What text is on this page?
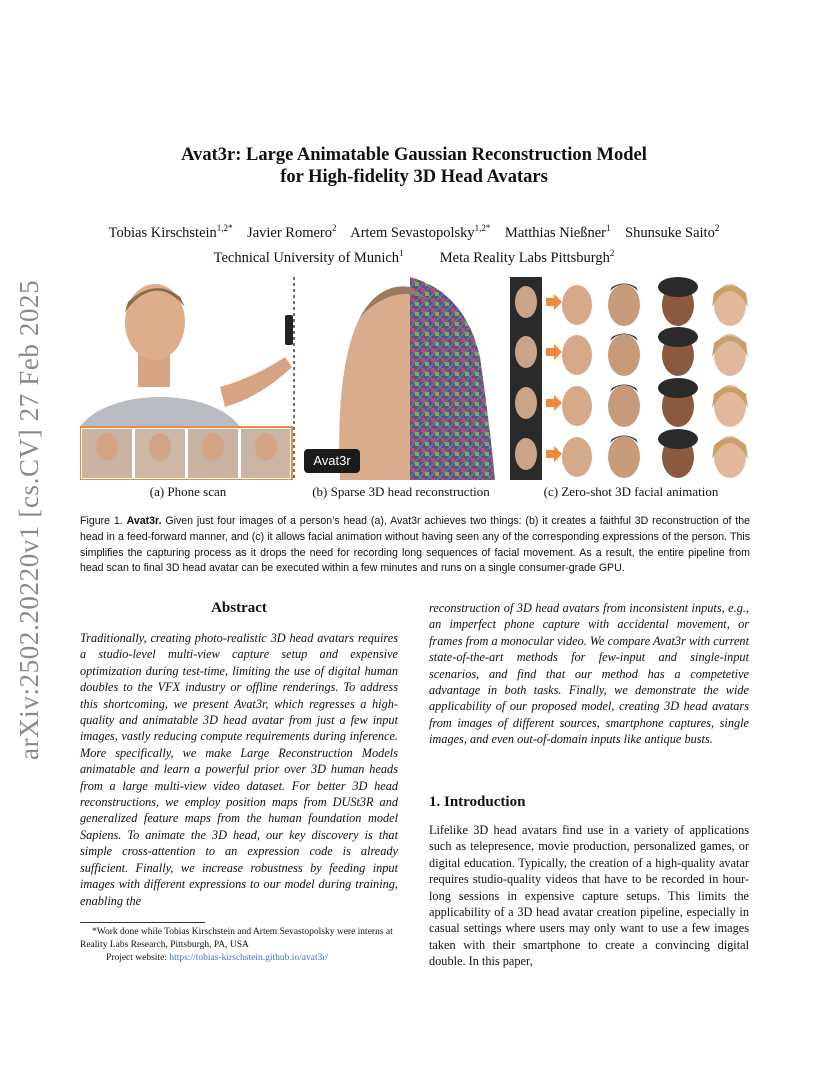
arXiv:2502.20220v1 [cs.CV] 27 Feb 2025
Avat3r: Large Animatable Gaussian Reconstruction Model
for High-fidelity 3D Head Avatars
Tobias Kirschstein$^{1,2*}$ Javier Romero$^2$ Artem Sevastopolsky$^{1,2*}$ Matthias Nießner$^1$ Shunsuke Saito$^2$
Technical University of Munich$^1$	Meta Reality Labs Pittsburgh$^2$
Avat3r
(a) Phone scan	(b) Sparse 3D head reconstruction	(c) Zero-shot 3D facial animation
Figure 1. Avat3r. Given just four images of a person’s head (a), Avat3r achieves two things: (b) it creates a faithful 3D reconstruction of the head in a feed-forward manner, and (c) it allows facial animation without having seen any of the corresponding expressions of the person. This simplifies the capturing process as it drops the need for recording long sequences of facial movement. As a result, the entire pipeline from head scan to final 3D head avatar can be executed within a few minutes and runs on a single consumer-grade GPU.
Abstract
Traditionally, creating photo-realistic 3D head avatars requires a studio-level multi-view capture setup and expensive optimization during test-time, limiting the use of digital human doubles to the VFX industry or offline renderings. To address this shortcoming, we present Avat3r, which regresses a high-quality and animatable 3D head avatar from just a few input images, vastly reducing compute requirements during inference. More specifically, we make Large Reconstruction Models animatable and learn a powerful prior over 3D human heads from a large multi-view video dataset. For better 3D head reconstructions, we employ position maps from DUSt3R and generalized feature maps from the human foundation model Sapiens. To animate the 3D head, our key discovery is that simple cross-attention to an expression code is already sufficient. Finally, we increase robustness by feeding input images with different expressions to our model during training, enabling the
reconstruction of 3D head avatars from inconsistent inputs, e.g., an imperfect phone capture with accidental movement, or frames from a monocular video. We compare Avat3r with current state-of-the-art methods for few-input and single-input scenarios, and find that our method has a competetive advantage in both tasks. Finally, we demonstrate the wide applicability of our proposed model, creating 3D head avatars from images of different sources, smartphone captures, single images, and even out-of-domain inputs like antique busts.
1. Introduction
Lifelike 3D head avatars find use in a variety of applications such as telepresence, movie production, personalized games, or digital education. Typically, the creation of a high-quality avatar requires studio-quality videos that have to be recorded in hour-long sessions in expensive capture setups. This limits the applicability of a 3D head avatar creation pipeline, especially in casual settings where users may only want to use a few images taken with their smartphone to create a convincing digital double. In this paper,
*Work done while Tobias Kirschstein and Artem Sevastopolsky were interns at Reality Labs Research, Pittsburgh, PA, USA
Project website: https://tobias-kirschstein.github.io/avat3r/
